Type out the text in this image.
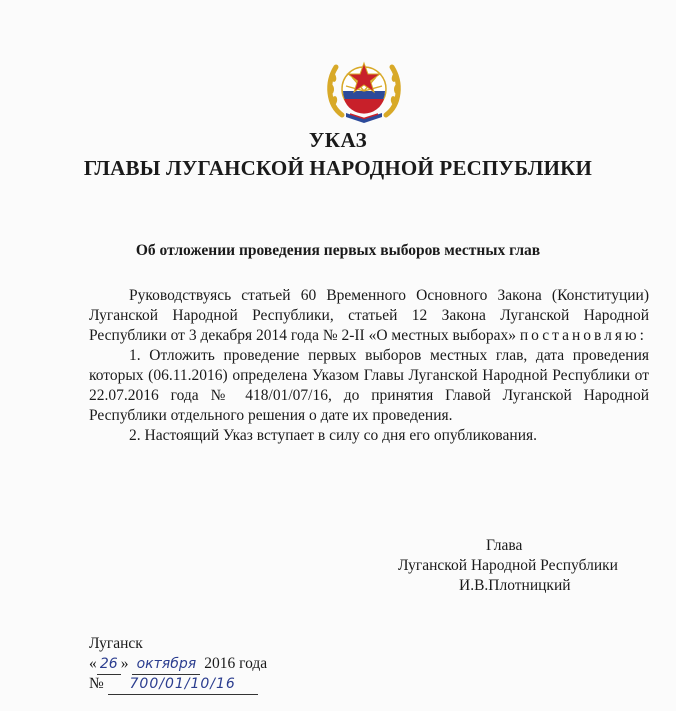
УКАЗ
ГЛАВЫ ЛУГАНСКОЙ НАРОДНОЙ РЕСПУБЛИКИ
Об отложении проведения первых выборов местных глав

Руководствуясь статьей 60 Временного Основного Закона (Конституции) Луганской Народной Республики, статьей 12 Закона Луганской Народной Республики от 3 декабря 2014 года № 2-II «О местных выборах» постановляю:

1. Отложить проведение первых выборов местных глав, дата проведения которых (06.11.2016) определена Указом Главы Луганской Народной Республики от 22.07.2016 года № 418/01/07/16, до принятия Главой Луганской Народной Республики отдельного решения о дате их проведения.

2. Настоящий Указ вступает в силу со дня его опубликования.

Глава
Луганской Народной Республики
И.В.Плотницкий
Луганск
« 26 » октября 2016 года
№ 700/01/10/16
